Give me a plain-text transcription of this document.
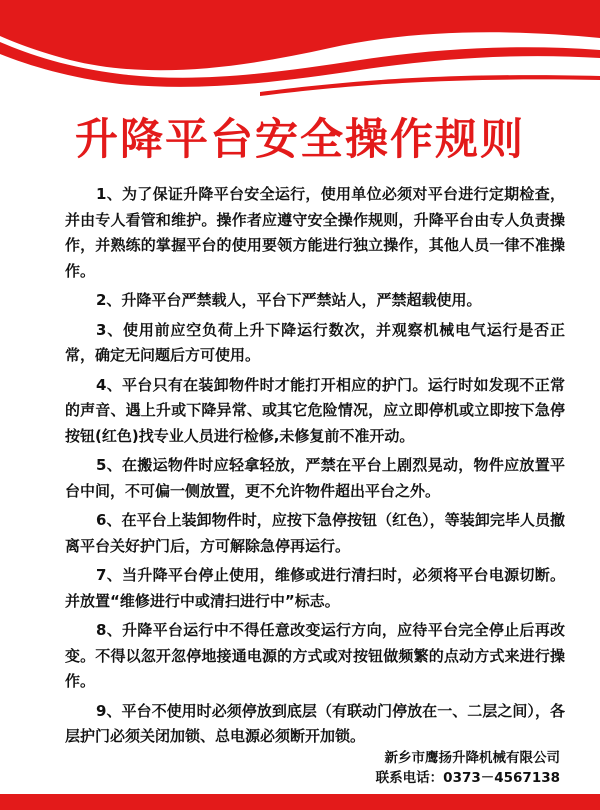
升降平台安全操作规则
1、为了保证升降平台安全运行，使用单位必须对平台进行定期检查，并由专人看管和维护。操作者应遵守安全操作规则，升降平台由专人负责操作，并熟练的掌握平台的使用要领方能进行独立操作，其他人员一律不准操作。
2、升降平台严禁载人，平台下严禁站人，严禁超载使用。
3、使用前应空负荷上升下降运行数次，并观察机械电气运行是否正常，确定无问题后方可使用。
4、平台只有在装卸物件时才能打开相应的护门。运行时如发现不正常的声音、遇上升或下降异常、或其它危险情况，应立即停机或立即按下急停按钮(红色)找专业人员进行检修,未修复前不准开动。
5、在搬运物件时应轻拿轻放，严禁在平台上剧烈晃动，物件应放置平台中间，不可偏一侧放置，更不允许物件超出平台之外。
6、在平台上装卸物件时，应按下急停按钮（红色），等装卸完毕人员撤离平台关好护门后，方可解除急停再运行。
7、当升降平台停止使用，维修或进行清扫时，必须将平台电源切断。并放置“维修进行中或清扫进行中”标志。
8、升降平台运行中不得任意改变运行方向，应待平台完全停止后再改变。不得以忽开忽停地接通电源的方式或对按钮做频繁的点动方式来进行操作。
9、平台不使用时必须停放到底层（有联动门停放在一、二层之间），各层护门必须关闭加锁、总电源必须断开加锁。
新乡市鹰扬升降机械有限公司
联系电话：0373－4567138
